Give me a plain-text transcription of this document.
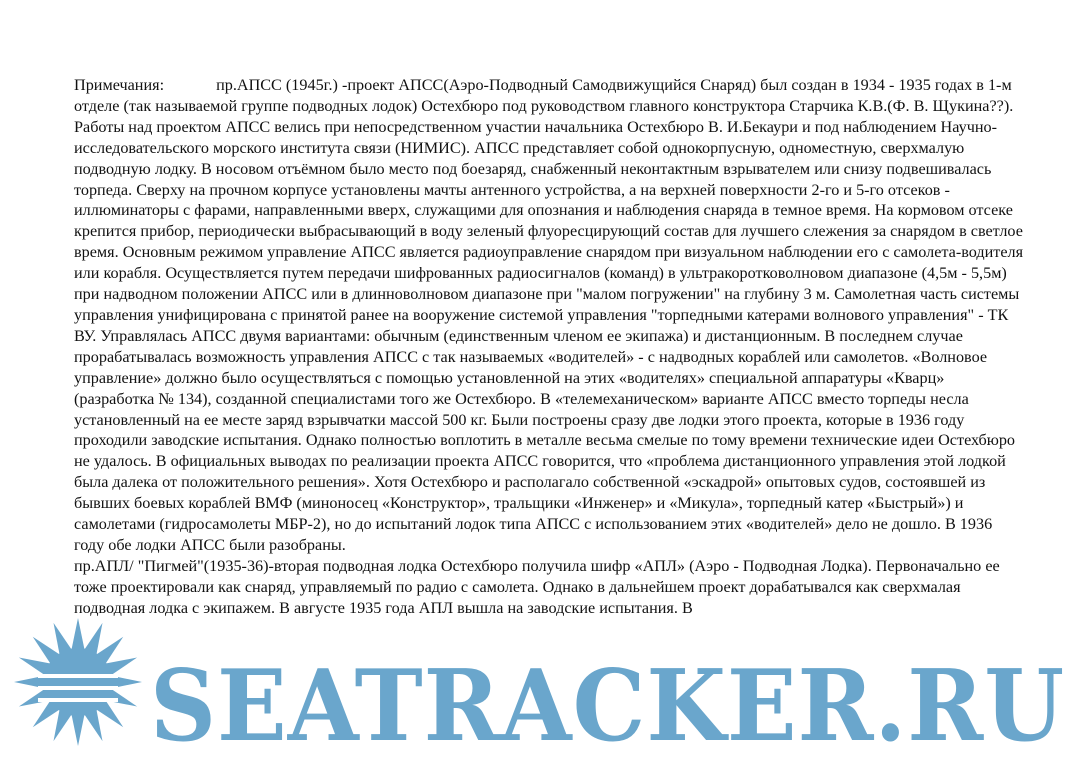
SEATRACKER.RU

Примечания:	пр.АПСС (1945г.) -проект АПСС(Аэро-Подводный Самодвижущийся Снаряд) был создан в 1934 - 1935 годах в 1-м отделе (так называемой группе подводных лодок) Остехбюро под руководством главного конструктора Старчика К.В.(Ф. В. Щукина??). Работы над проектом АПСС велись при непосредственном участии начальника Остехбюро В. И.Бекаури и под наблюдением Научно-исследовательского морского института связи (НИМИС). АПСС представляет собой однокорпусную, одноместную, сверхмалую подводную лодку. В носовом отъёмном было место под боезаряд, снабженный неконтактным взрывателем или снизу подвешивалась торпеда. Сверху на прочном корпусе установлены мачты антенного устройства, а на верхней поверхности 2-го и 5-го отсеков - иллюминаторы с фарами, направленными вверх, служащими для опознания и наблюдения снаряда в темное время. На кормовом отсеке крепится прибор, периодически выбрасывающий в воду зеленый флуоресцирующий состав для лучшего слежения за снарядом в светлое время. Основным режимом управление АПСС является радиоуправление снарядом при визуальном наблюдении его с самолета-водителя или корабля. Осуществляется путем передачи шифрованных радиосигналов (команд) в ультракоротковолновом диапазоне (4,5м - 5,5м) при надводном положении АПСС или в длинноволновом диапазоне при "малом погружении" на глубину 3 м. Самолетная часть системы управления унифицирована с принятой ранее на вооружение системой управления "торпедными катерами волнового управления" - ТК ВУ. Управлялась АПСС двумя вариантами: обычным (единственным членом ее экипажа) и дистанционным. В последнем случае прорабатывалась возможность управления АПСС с так называемых «водителей» - с надводных кораблей или самолетов. «Волновое управление» должно было осуществляться с помощью установленной на этих «водителях» специальной аппаратуры «Кварц» (разработка № 134), созданной специалистами того же Остехбюро. В «телемеханическом» варианте АПСС вместо торпеды несла установленный на ее месте заряд взрывчатки массой 500 кг. Были построены сразу две лодки этого проекта, которые в 1936 году проходили заводские испытания. Однако полностью воплотить в металле весьма смелые по тому времени технические идеи Остехбюро не удалось. В официальных выводах по реализации проекта АПСС говорится, что «проблема дистанционного управления этой лодкой была далека от положительного решения». Хотя Остехбюро и располагало собственной «эскадрой» опытовых судов, состоявшей из бывших боевых кораблей ВМФ (миноносец «Конструктор», тральщики «Инженер» и «Микула», торпедный катер «Быстрый») и самолетами (гидросамолеты МБР-2), но до испытаний лодок типа АПСС с использованием этих «водителей» дело не дошло. В 1936 году обе лодки АПСС были разобраны.

пр.АПЛ/ "Пигмей"(1935-36)-вторая подводная лодка Остехбюро получила шифр «АПЛ» (Аэро - Подводная Лодка). Первоначально ее тоже проектировали как снаряд, управляемый по радио с самолета. Однако в дальнейшем проект дорабатывался как сверхмалая подводная лодка с экипажем. В августе 1935 года АПЛ вышла на заводские испытания. В
